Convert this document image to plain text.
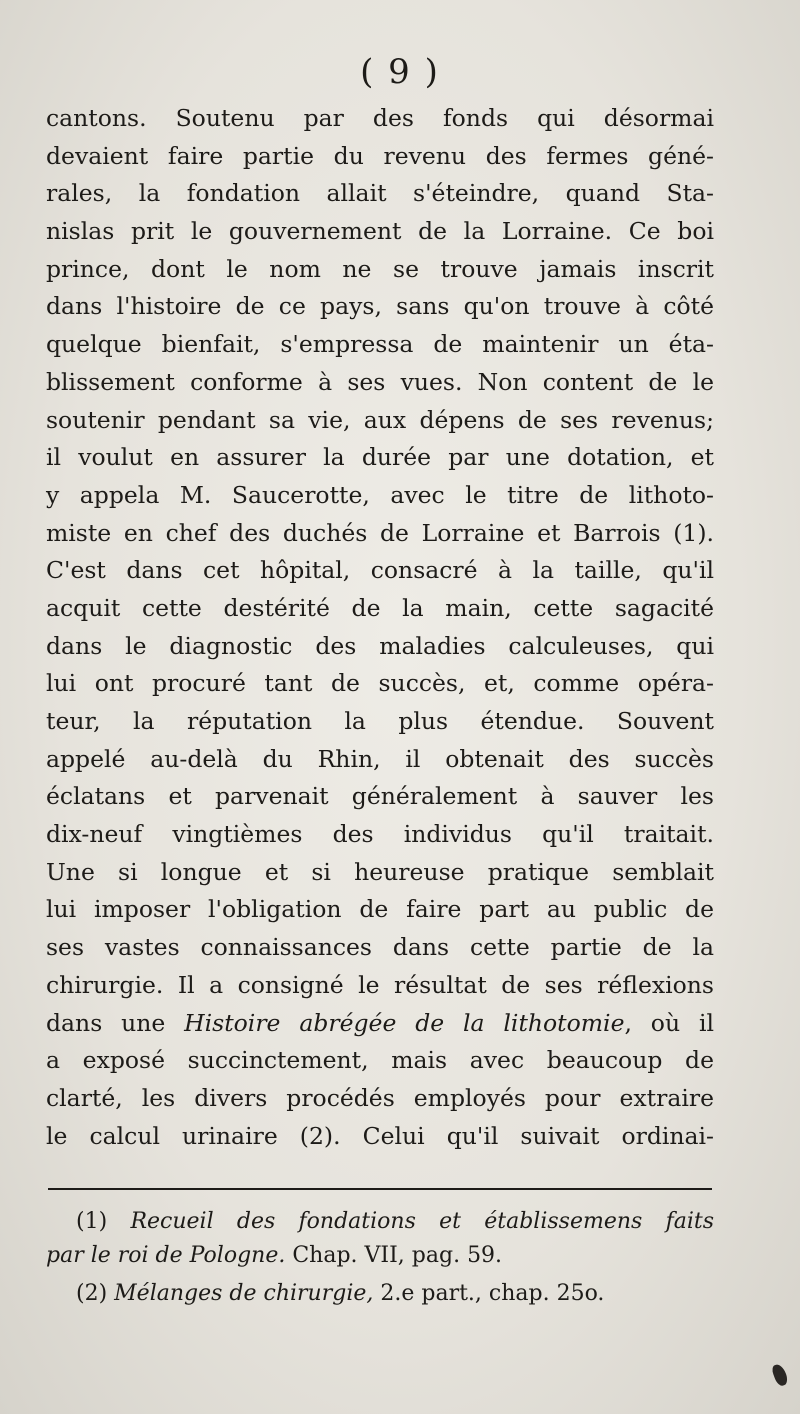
( 9 )
cantons. Soutenu par des fonds qui désormai
devaient faire partie du revenu des fermes géné-
rales, la fondation allait s'éteindre, quand Sta-
nislas prit le gouvernement de la Lorraine. Ce boi
prince, dont le nom ne se trouve jamais inscrit
dans l'histoire de ce pays, sans qu'on trouve à côté
quelque bienfait, s'empressa de maintenir un éta-
blissement conforme à ses vues. Non content de le
soutenir pendant sa vie, aux dépens de ses revenus;
il voulut en assurer la durée par une dotation, et
y appela M. Saucerotte, avec le titre de lithoto-
miste en chef des duchés de Lorraine et Barrois (1).
C'est dans cet hôpital, consacré à la taille, qu'il
acquit cette destérité de la main, cette sagacité
dans le diagnostic des maladies calculeuses, qui
lui ont procuré tant de succès, et, comme opéra-
teur, la réputation la plus étendue. Souvent
appelé au-delà du Rhin, il obtenait des succès
éclatans et parvenait généralement à sauver les
dix-neuf vingtièmes des individus qu'il traitait.
Une si longue et si heureuse pratique semblait
lui imposer l'obligation de faire part au public de
ses vastes connaissances dans cette partie de la
chirurgie. Il a consigné le résultat de ses réflexions
dans une Histoire abrégée de la lithotomie, où il
a exposé succinctement, mais avec beaucoup de
clarté, les divers procédés employés pour extraire
le calcul urinaire (2). Celui qu'il suivait ordinai-
(1) Recueil des fondations et établissemens faits
par le roi de Pologne. Chap. VII, pag. 59.
(2) Mélanges de chirurgie, 2.e part., chap. 25o.
